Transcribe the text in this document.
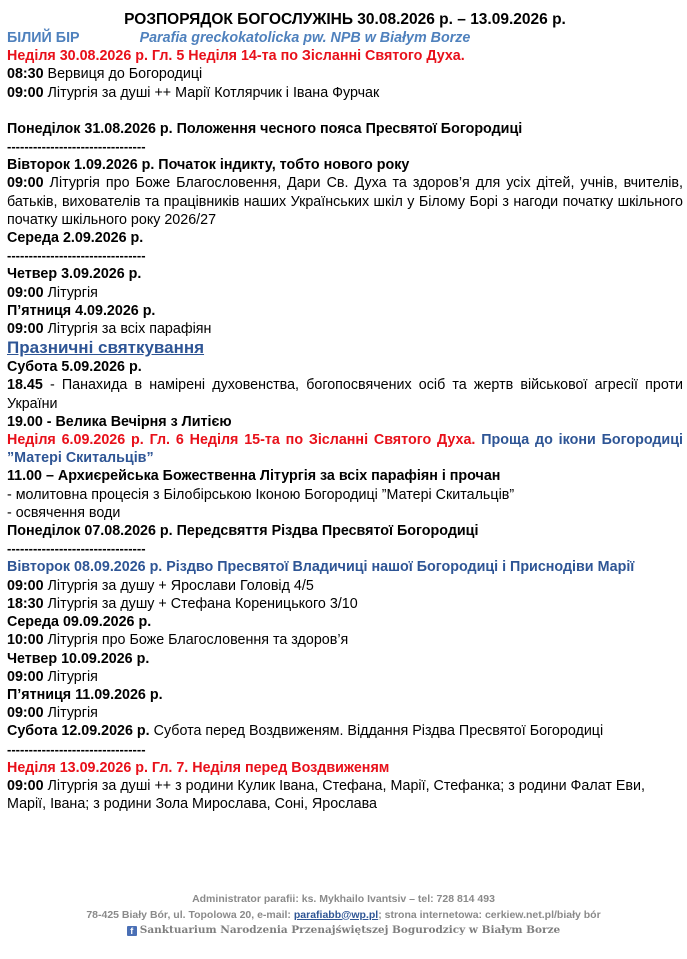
РОЗПОРЯДОК БОГОСЛУЖІНЬ 30.08.2026 р. – 13.09.2026 р.
БІЛИЙ БІР	Parafia greckokatolicka pw. NPB w Białym Borze
Неділя 30.08.2026 р. Гл. 5 Неділя 14-та по Зісланні Святого Духа.
08:30 Вервиця до Богородиці
09:00 Літургія за душі ++ Марії Котлярчик і Івана Фурчак
Понеділок 31.08.2026 р. Положення чесного пояса Пресвятої Богородиці
--------------------------------
Вівторок 1.09.2026 р. Початок індикту, тобто нового року
09:00 Літургія про Боже Благословення, Дари Св. Духа та здоров’я для усіх дітей, учнів, вчителів, батьків, вихователів та працівників наших Українських шкіл у Білому Борі з нагоди початку шкільного початку шкільного року 2026/27
Середа 2.09.2026 р.
--------------------------------
Четвер 3.09.2026 р.
09:00 Літургія
П’ятниця 4.09.2026 р.
09:00 Літургія за всіх парафіян
Празничні святкування
Субота 5.09.2026 р.
18.45 - Панахида в намірені духовенства, богопосвячених осіб та жертв військової агресії проти України
19.00 - Велика Вечірня з Литією
Неділя 6.09.2026 р. Гл. 6 Неділя 15-та по Зісланні Святого Духа. Проща до ікони Богородиці ”Матері Скитальців”
11.00 – Архиєрейська Божественна Літургія за всіх парафіян і прочан
- молитовна процесія з Білобірською Іконою Богородиці ”Матері Скитальців”
- освячення води
Понеділок 07.08.2026 р. Передсвяття Різдва Пресвятої Богородиці
--------------------------------
Вівторок 08.09.2026 р. Різдво Пресвятої Владичиці нашої Богородиці і Приснодіви Марії
09:00 Літургія за душу + Ярослави Головід 4/5
18:30 Літургія за душу + Стефана Кореницького 3/10
Середа 09.09.2026 р.
10:00 Літургія про Боже Благословення та здоров’я
Четвер 10.09.2026 р.
09:00 Літургія
П’ятниця 11.09.2026 р.
09:00 Літургія
Субота 12.09.2026 р. Субота перед Воздвиженям. Віддання Різдва Пресвятої Богородиці
--------------------------------
Неділя 13.09.2026 р. Гл. 7. Неділя перед Воздвиженям
09:00 Літургія за душі ++ з родини Кулик Івана, Стефана, Марії, Стефанка; з родини Фалат Еви, Марії, Івана; з родини Зола Мирослава, Соні, Ярослава
Administrator parafii: ks. Mykhailo Ivantsiv – tel: 728 814 493
78-425 Biały Bór, ul. Topolowa 20, e-mail: parafiabb@wp.pl; strona internetowa: cerkiew.net.pl/biały bór
f Sanktuarium Narodzenia Przenajświętszej Bogurodzicy w Białym Borze
